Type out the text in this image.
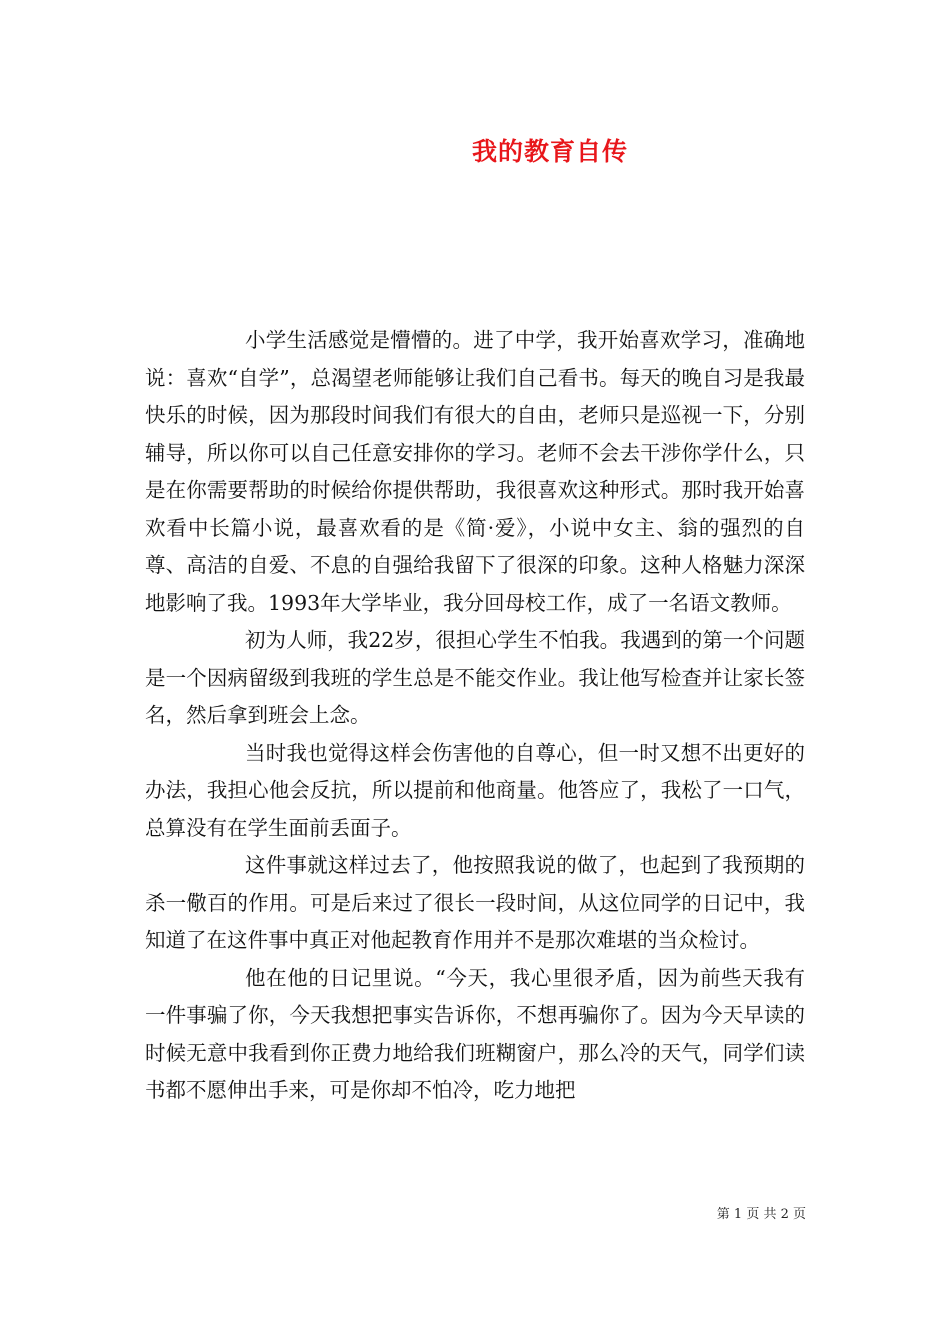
我的教育自传

小学生活感觉是懵懵的。进了中学，我开始喜欢学习，准确地说：喜欢“自学”，总渴望老师能够让我们自己看书。每天的晚自习是我最快乐的时候，因为那段时间我们有很大的自由，老师只是巡视一下，分别辅导，所以你可以自己任意安排你的学习。老师不会去干涉你学什么，只是在你需要帮助的时候给你提供帮助，我很喜欢这种形式。那时我开始喜欢看中长篇小说，最喜欢看的是《简·爱》，小说中女主、翁的强烈的自尊、高洁的自爱、不息的自强给我留下了很深的印象。这种人格魅力深深地影响了我。1993年大学毕业，我分回母校工作，成了一名语文教师。

初为人师，我22岁，很担心学生不怕我。我遇到的第一个问题是一个因病留级到我班的学生总是不能交作业。我让他写检查并让家长签名，然后拿到班会上念。

当时我也觉得这样会伤害他的自尊心，但一时又想不出更好的办法，我担心他会反抗，所以提前和他商量。他答应了，我松了一口气，总算没有在学生面前丢面子。

这件事就这样过去了，他按照我说的做了，也起到了我预期的杀一儆百的作用。可是后来过了很长一段时间，从这位同学的日记中，我知道了在这件事中真正对他起教育作用并不是那次难堪的当众检讨。

他在他的日记里说。“今天，我心里很矛盾，因为前些天我有一件事骗了你，今天我想把事实告诉你，不想再骗你了。因为今天早读的时候无意中我看到你正费力地给我们班糊窗户，那么冷的天气，同学们读书都不愿伸出手来，可是你却不怕冷，吃力地把

第 1 页 共 2 页
